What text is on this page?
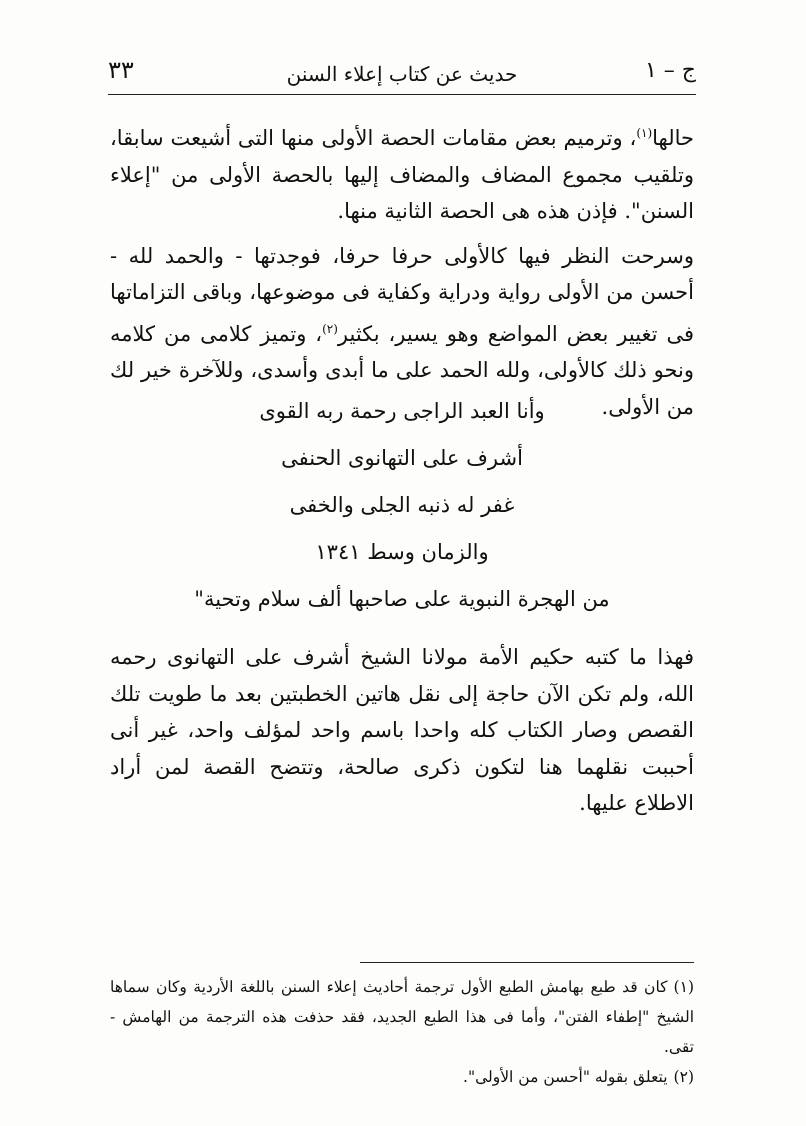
ج – ١
حديث عن كتاب إعلاء السنن
٣٣

حالها$^{(١)}$، وترميم بعض مقامات الحصة الأولى منها التى أشيعت سابقا، وتلقيب مجموع المضاف والمضاف إليها بالحصة الأولى من "إعلاء السنن". فإذن هذه هى الحصة الثانية منها.

وسرحت النظر فيها كالأولى حرفا حرفا، فوجدتها - والحمد لله - أحسن من الأولى رواية ودراية وكفاية فى موضوعها، وباقى التزاماتها فى تغيير بعض المواضع وهو يسير، بكثير$^{(٢)}$، وتميز كلامى من كلامه ونحو ذلك كالأولى، ولله الحمد على ما أبدى وأسدى، وللآخرة خير لك من الأولى.

وأنا العبد الراجى رحمة ربه القوى
أشرف على التهانوى الحنفى
غفر له ذنبه الجلى والخفى
والزمان وسط ١٣٤١
من الهجرة النبوية على صاحبها ألف سلام وتحية"

فهذا ما كتبه حكيم الأمة مولانا الشيخ أشرف على التهانوى رحمه الله، ولم تكن الآن حاجة إلى نقل هاتين الخطبتين بعد ما طويت تلك القصص وصار الكتاب كله واحدا باسم واحد لمؤلف واحد، غير أنى أحببت نقلهما هنا لتكون ذكرى صالحة، وتتضح القصة لمن أراد الاطلاع عليها.

(١)كان قد طبع بهامش الطبع الأول ترجمة أحاديث إعلاء السنن باللغة الأردية وكان سماها الشيخ "إطفاء الفتن"، وأما فى هذا الطبع الجديد، فقد حذفت هذه الترجمة من الهامش - تقى.

(٢)يتعلق بقوله "أحسن من الأولى".
